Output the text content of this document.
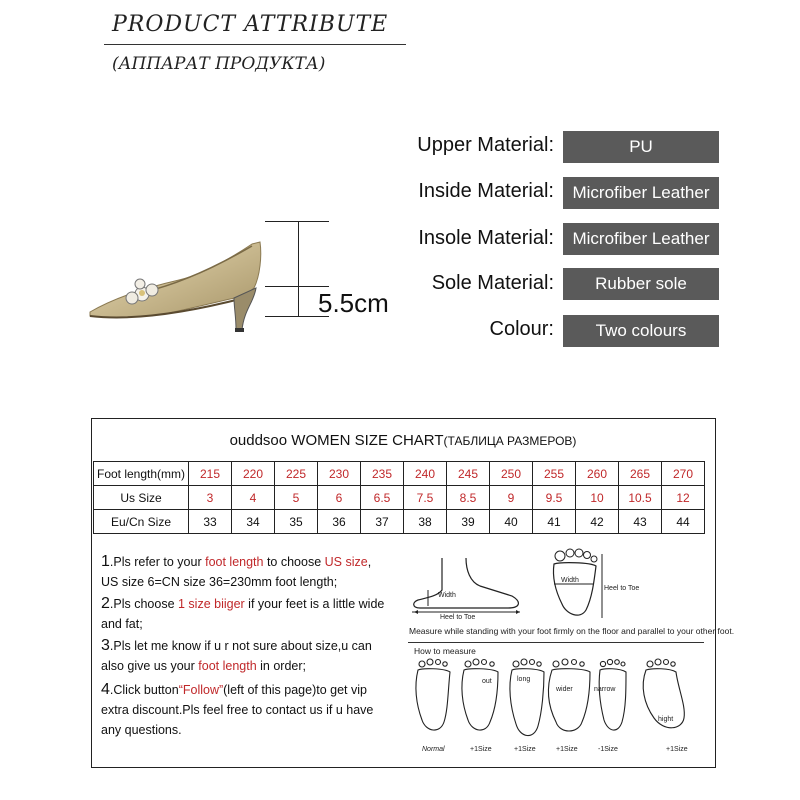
PRODUCT ATTRIBUTE
(АППАРАТ ПРОДУКТА)
Upper Material:	PU
Inside Material:	Microfiber Leather
Insole Material:	Microfiber Leather
Sole Material:	Rubber sole
Colour:	Two colours
5.5cm
ouddsoo WOMEN SIZE CHART(ТАБЛИЦА РАЗМЕРОВ)
Foot length(mm)	215	220	225	230	235	240	245	250	255	260	265	270
Us Size	3	4	5	6	6.5	7.5	8.5	9	9.5	10	10.5	12
Eu/Cn Size	33	34	35	36	37	38	39	40	41	42	43	44
1.Pls refer to your foot length to choose US size,
US size 6=CN size 36=230mm foot length;
2.Pls choose 1 size biiger if your feet is a little wide and fat;
3.Pls let me know if u r not sure about size,u can also give us your foot length in order;
4.Click button“Follow”(left of this page)to get vip extra discount.Pls feel free to contact us if u have any questions.
Width
Heel to Toe
Width
Heel to Toe
Measure while standing with your foot firmly on the floor and parallel to your other foot.
How to measure
out	long
wider	narrow
hight
Normal	+1Size	+1Size	+1Size	-1Size	+1Size
